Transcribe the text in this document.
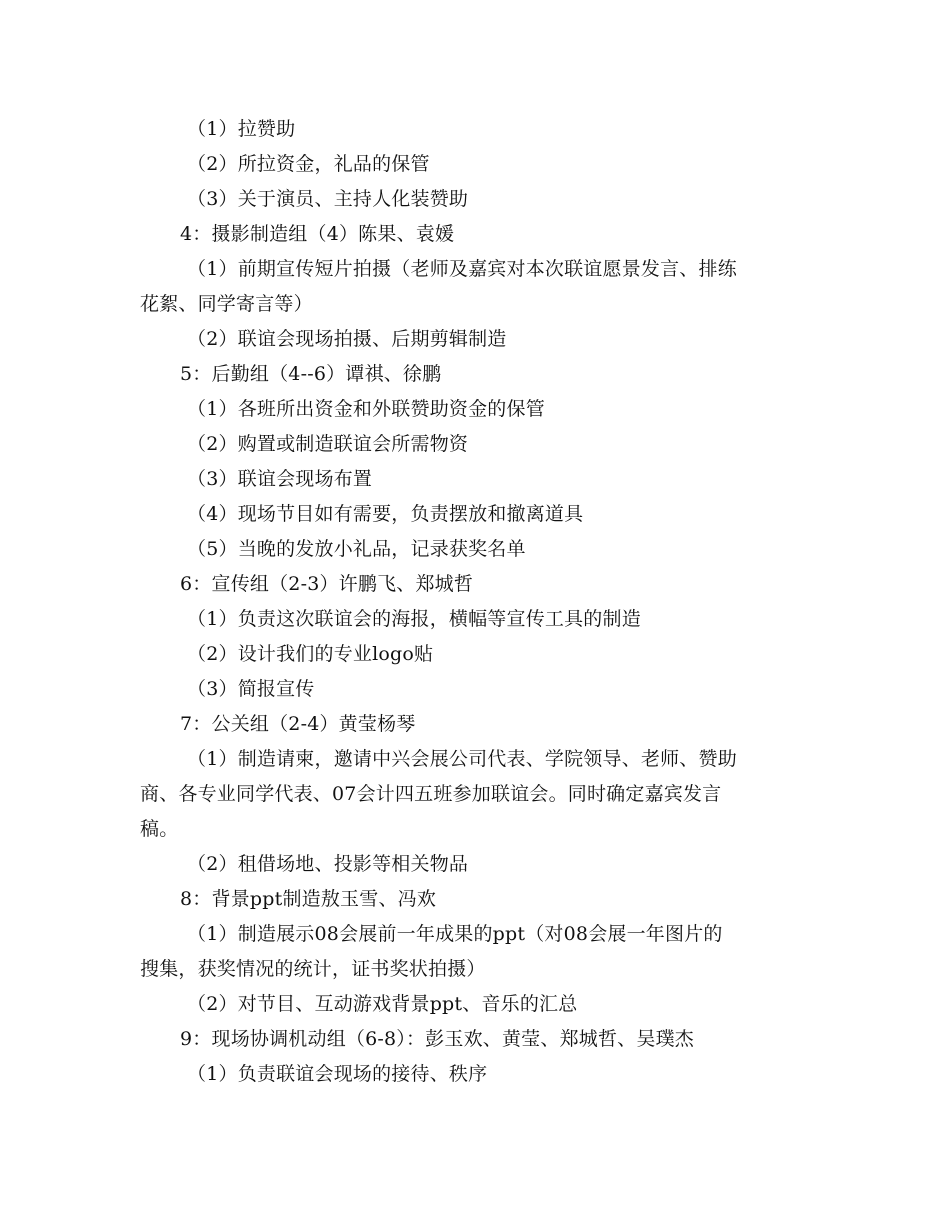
（1）拉赞助
（2）所拉资金，礼品的保管
（3）关于演员、主持人化装赞助
4：摄影制造组（4）陈果、袁媛
（1）前期宣传短片拍摄（老师及嘉宾对本次联谊愿景发言、排练
花絮、同学寄言等）
（2）联谊会现场拍摄、后期剪辑制造
5：后勤组（4--6）谭祺、徐鹏
（1）各班所出资金和外联赞助资金的保管
（2）购置或制造联谊会所需物资
（3）联谊会现场布置
（4）现场节目如有需要，负责摆放和撤离道具
（5）当晚的发放小礼品，记录获奖名单
6：宣传组（2-3）许鹏飞、郑城哲
（1）负责这次联谊会的海报，横幅等宣传工具的制造
（2）设计我们的专业logo贴
（3）简报宣传
7：公关组（2-4）黄莹杨琴
（1）制造请柬，邀请中兴会展公司代表、学院领导、老师、赞助
商、各专业同学代表、07会计四五班参加联谊会。同时确定嘉宾发言
稿。
（2）租借场地、投影等相关物品
8：背景ppt制造敖玉雪、冯欢
（1）制造展示08会展前一年成果的ppt（对08会展一年图片的
搜集，获奖情况的统计，证书奖状拍摄）
（2）对节目、互动游戏背景ppt、音乐的汇总
9：现场协调机动组（6-8）：彭玉欢、黄莹、郑城哲、吴璞杰
（1）负责联谊会现场的接待、秩序
